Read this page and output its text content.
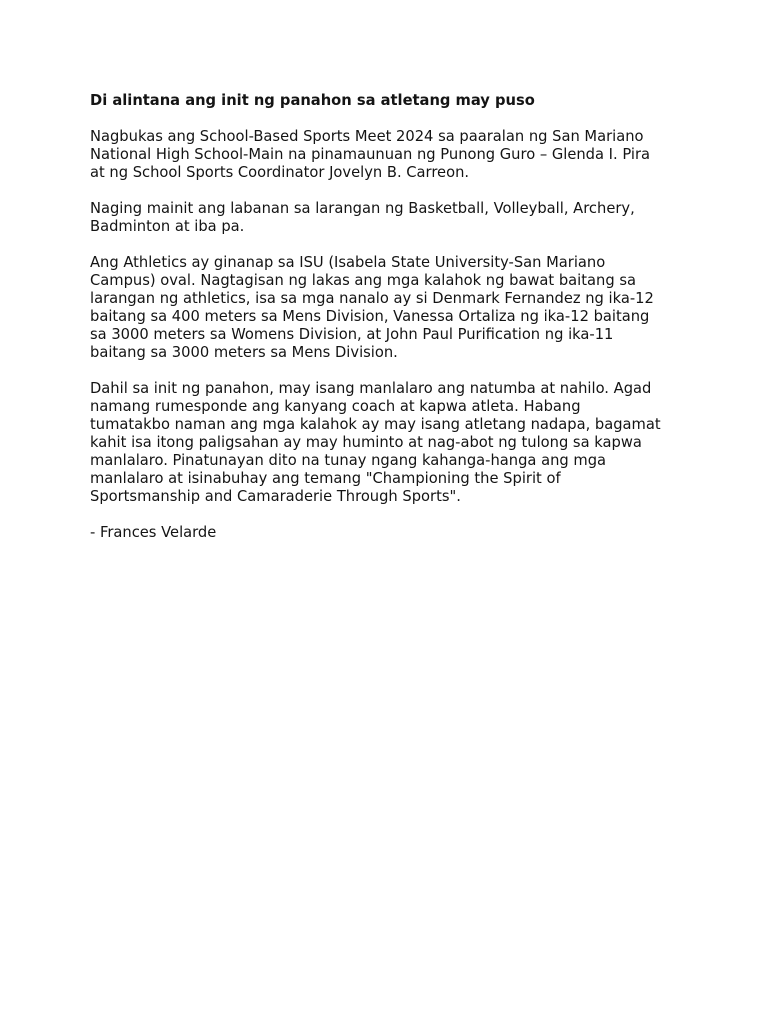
Di alintana ang init ng panahon sa atletang may puso
Nagbukas ang School-Based Sports Meet 2024 sa paaralan ng San Mariano
National High School-Main na pinamaunuan ng Punong Guro – Glenda I. Pira
at ng School Sports Coordinator Jovelyn B. Carreon.
Naging mainit ang labanan sa larangan ng Basketball, Volleyball, Archery,
Badminton at iba pa.
Ang Athletics ay ginanap sa ISU (Isabela State University-San Mariano
Campus) oval. Nagtagisan ng lakas ang mga kalahok ng bawat baitang sa
larangan ng athletics, isa sa mga nanalo ay si Denmark Fernandez ng ika-12
baitang sa 400 meters sa Mens Division, Vanessa Ortaliza ng ika-12 baitang
sa 3000 meters sa Womens Division, at John Paul Purification ng ika-11
baitang sa 3000 meters sa Mens Division.
Dahil sa init ng panahon, may isang manlalaro ang natumba at nahilo. Agad
namang rumesponde ang kanyang coach at kapwa atleta. Habang
tumatakbo naman ang mga kalahok ay may isang atletang nadapa, bagamat
kahit isa itong paligsahan ay may huminto at nag-abot ng tulong sa kapwa
manlalaro. Pinatunayan dito na tunay ngang kahanga-hanga ang mga
manlalaro at isinabuhay ang temang "Championing the Spirit of
Sportsmanship and Camaraderie Through Sports".
- Frances Velarde
